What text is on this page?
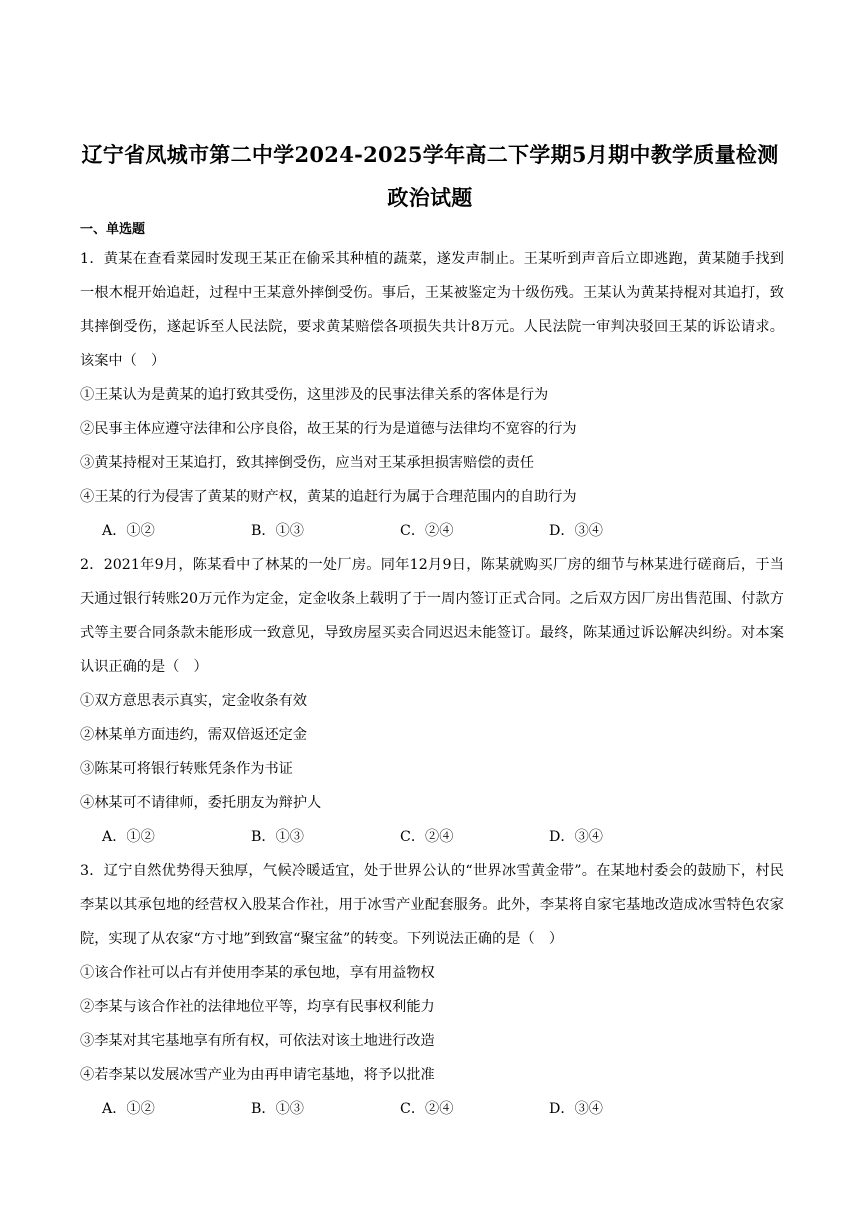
辽宁省凤城市第二中学2024-2025学年高二下学期5月期中教学质量检测
政治试题
一、单选题

1．黄某在查看菜园时发现王某正在偷采其种植的蔬菜，遂发声制止。王某听到声音后立即逃跑，黄某随手找到一根木棍开始追赶，过程中王某意外摔倒受伤。事后，王某被鉴定为十级伤残。王某认为黄某持棍对其追打，致其摔倒受伤，遂起诉至人民法院，要求黄某赔偿各项损失共计8万元。人民法院一审判决驳回王某的诉讼请求。该案中（　）

①王某认为是黄某的追打致其受伤，这里涉及的民事法律关系的客体是行为

②民事主体应遵守法律和公序良俗，故王某的行为是道德与法律均不宽容的行为

③黄某持棍对王某追打，致其摔倒受伤，应当对王某承担损害赔偿的责任

④王某的行为侵害了黄某的财产权，黄某的追赶行为属于合理范围内的自助行为

A．①②	B．①③	C．②④	D．③④

2．2021年9月，陈某看中了林某的一处厂房。同年12月9日，陈某就购买厂房的细节与林某进行磋商后，于当天通过银行转账20万元作为定金，定金收条上载明了于一周内签订正式合同。之后双方因厂房出售范围、付款方式等主要合同条款未能形成一致意见，导致房屋买卖合同迟迟未能签订。最终，陈某通过诉讼解决纠纷。对本案认识正确的是（　）

①双方意思表示真实，定金收条有效

②林某单方面违约，需双倍返还定金

③陈某可将银行转账凭条作为书证

④林某可不请律师，委托朋友为辩护人

A．①②	B．①③	C．②④	D．③④

3．辽宁自然优势得天独厚，气候冷暖适宜，处于世界公认的“世界冰雪黄金带”。在某地村委会的鼓励下，村民李某以其承包地的经营权入股某合作社，用于冰雪产业配套服务。此外，李某将自家宅基地改造成冰雪特色农家院，实现了从农家“方寸地”到致富“聚宝盆”的转变。下列说法正确的是（　）

①该合作社可以占有并使用李某的承包地，享有用益物权

②李某与该合作社的法律地位平等，均享有民事权利能力

③李某对其宅基地享有所有权，可依法对该土地进行改造

④若李某以发展冰雪产业为由再申请宅基地，将予以批准

A．①②	B．①③	C．②④	D．③④
